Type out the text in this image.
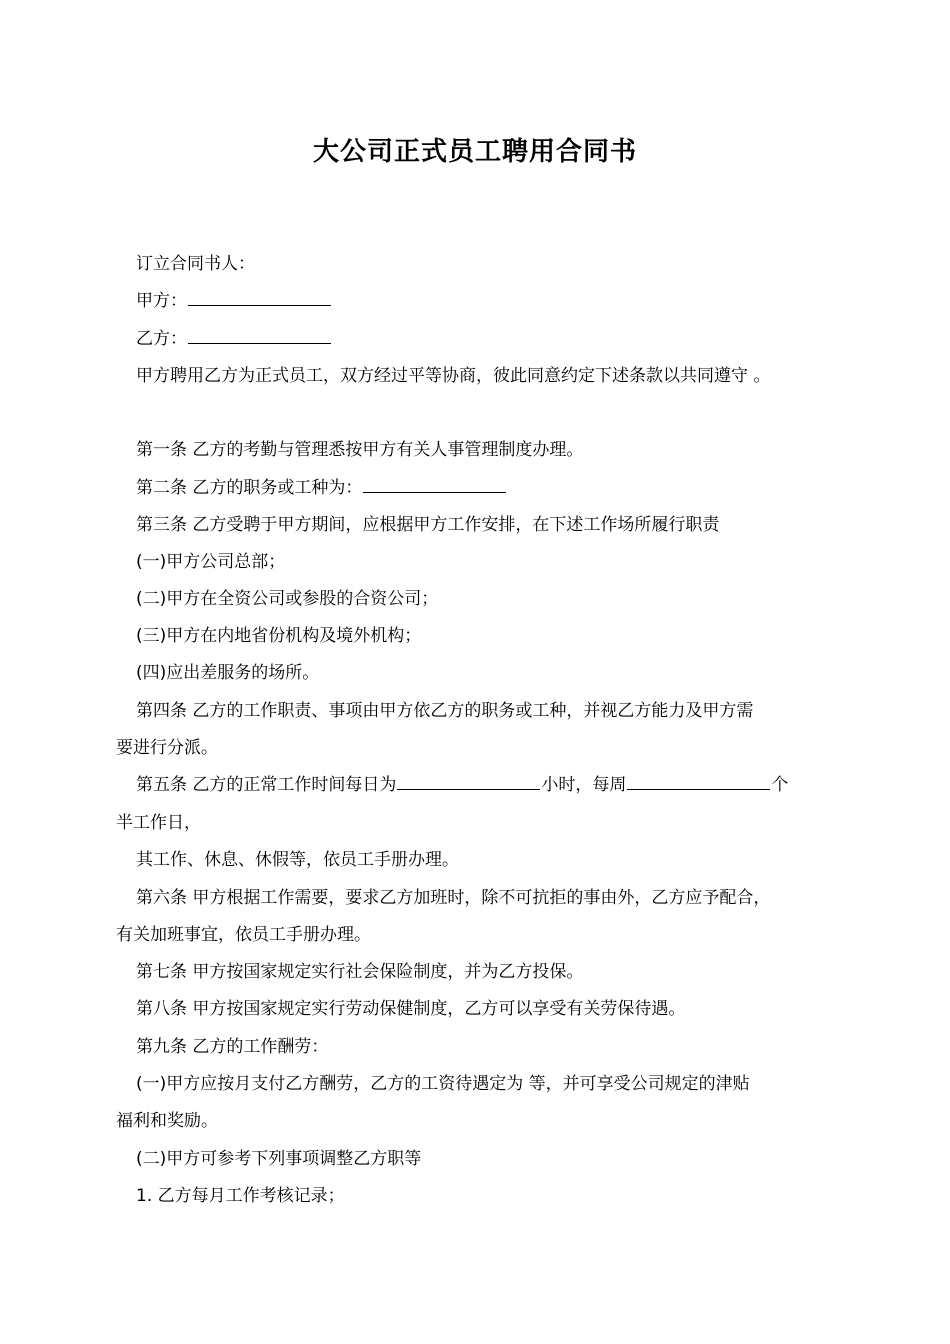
大公司正式员工聘用合同书
订立合同书人：
甲方：
乙方：
甲方聘用乙方为正式员工，双方经过平等协商，彼此同意约定下述条款以共同遵守 。
第一条 乙方的考勤与管理悉按甲方有关人事管理制度办理。
第二条 乙方的职务或工种为：
第三条 乙方受聘于甲方期间，应根据甲方工作安排，在下述工作场所履行职责
(一)甲方公司总部；
(二)甲方在全资公司或参股的合资公司；
(三)甲方在内地省份机构及境外机构；
(四)应出差服务的场所。
第四条 乙方的工作职责、事项由甲方依乙方的职务或工种，并视乙方能力及甲方需
要进行分派。
第五条 乙方的正常工作时间每日为	小时，每周	个
半工作日，
其工作、休息、休假等，依员工手册办理。
第六条 甲方根据工作需要，要求乙方加班时，除不可抗拒的事由外，乙方应予配合，
有关加班事宜，依员工手册办理。
第七条 甲方按国家规定实行社会保险制度，并为乙方投保。
第八条 甲方按国家规定实行劳动保健制度，乙方可以享受有关劳保待遇。
第九条 乙方的工作酬劳：
(一)甲方应按月支付乙方酬劳，乙方的工资待遇定为 等，并可享受公司规定的津贴
福利和奖励。
(二)甲方可参考下列事项调整乙方职等
1. 乙方每月工作考核记录；
